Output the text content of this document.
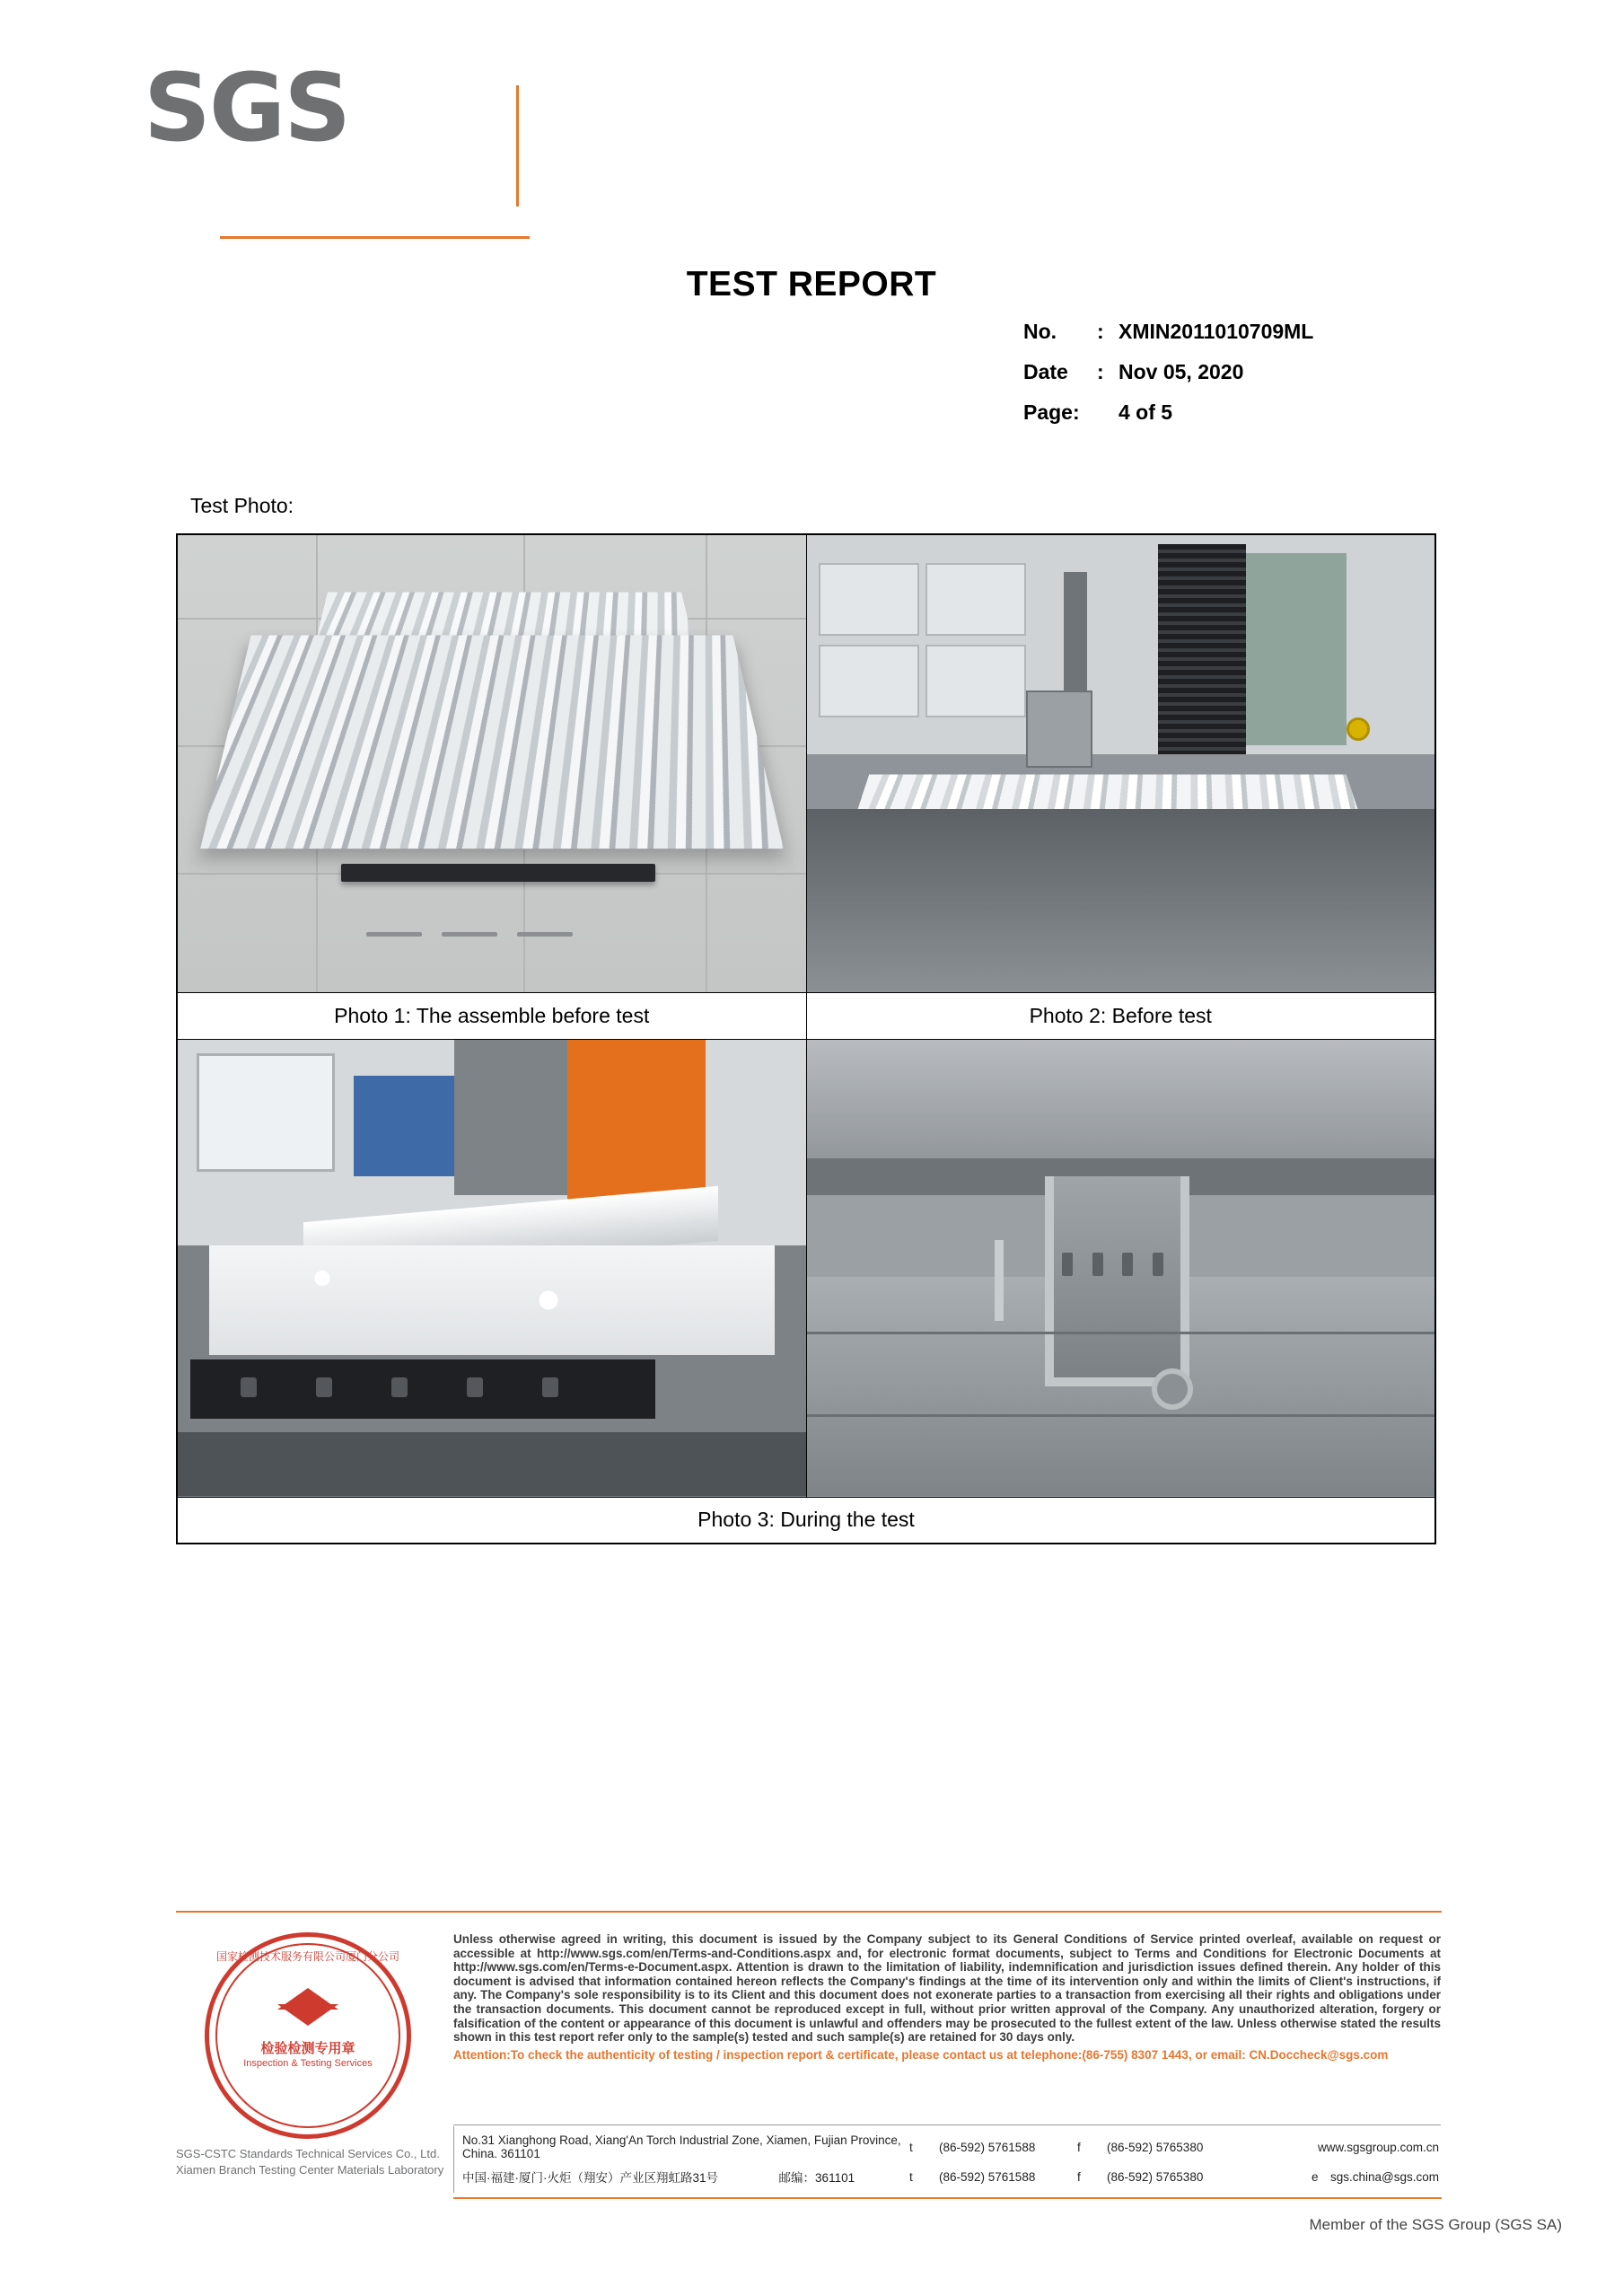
SGS
TEST REPORT
No.	: XMIN2011010709ML
Date	: Nov 05, 2020
Page:	4 of 5
Test Photo:

Photo 1: The assemble before test	Photo 2: Before test

Photo 3: During the test	
国家检测技术服务有限公司厦门分公司
检验检测专用章
Inspection & Testing Services
SGS-CSTC Standards Technical Services Co., Ltd.
Xiamen Branch Testing Center Materials Laboratory
Unless otherwise agreed in writing, this document is issued by the Company subject to its General Conditions of Service printed overleaf, available on request or accessible at http://www.sgs.com/en/Terms-and-Conditions.aspx and, for electronic format documents, subject to Terms and Conditions for Electronic Documents at http://www.sgs.com/en/Terms-e-Document.aspx. Attention is drawn to the limitation of liability, indemnification and jurisdiction issues defined therein. Any holder of this document is advised that information contained hereon reflects the Company's findings at the time of its intervention only and within the limits of Client's instructions, if any. The Company's sole responsibility is to its Client and this document does not exonerate parties to a transaction from exercising all their rights and obligations under the transaction documents. This document cannot be reproduced except in full, without prior written approval of the Company. Any unauthorized alteration, forgery or falsification of the content or appearance of this document is unlawful and offenders may be prosecuted to the fullest extent of the law. Unless otherwise stated the results shown in this test report refer only to the sample(s) tested and such sample(s) are retained for 30 days only.
Attention:To check the authenticity of testing / inspection report & certificate, please contact us at telephone:(86-755) 8307 1443, or email: CN.Doccheck@sgs.com
No.31 Xianghong Road, Xiang'An Torch Industrial Zone, Xiamen, Fujian Province, China. 361101	t	(86-592) 5761588	f	(86-592) 5765380	www.sgsgroup.com.cn
中国·福建·厦门·火炬（翔安）产业区翔虹路31号 邮编：361101	t	(86-592) 5761588	f	(86-592) 5765380	e sgs.china@sgs.com
Member of the SGS Group (SGS SA)
